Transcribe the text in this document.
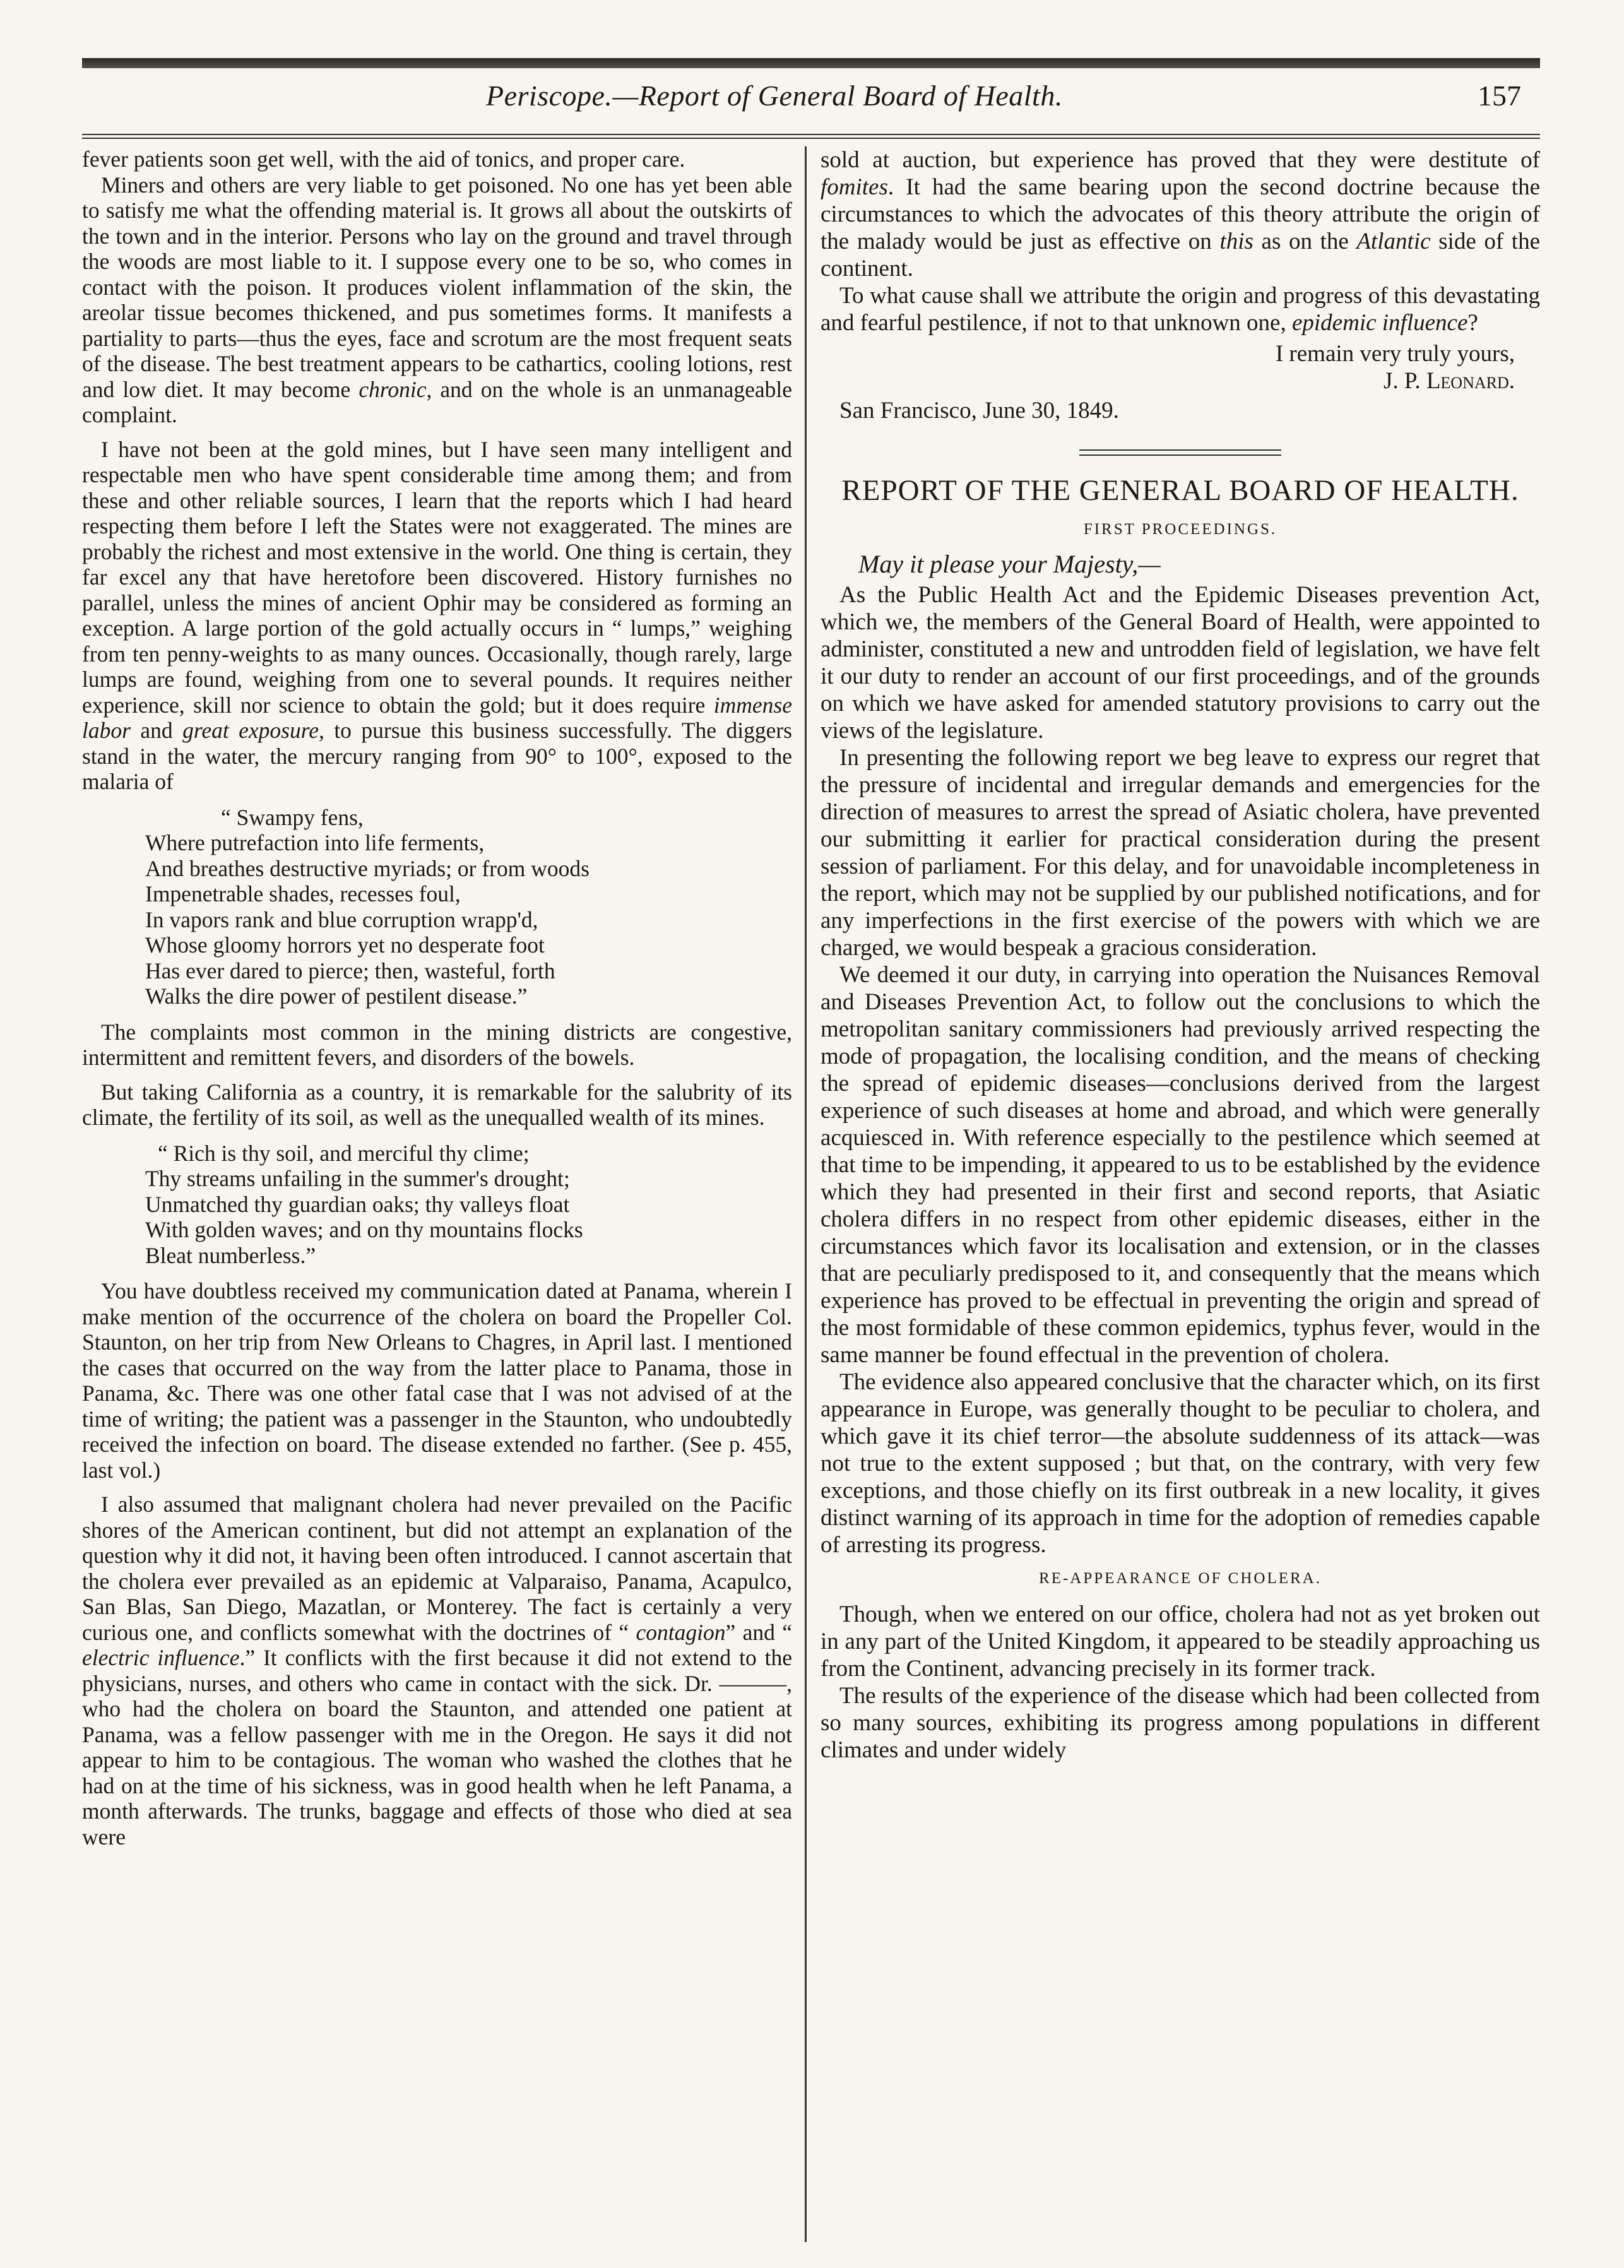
Periscope.—Report of General Board of Health.	157

fever patients soon get well, with the aid of tonics, and proper care.

Miners and others are very liable to get poisoned. No one has yet been able to satisfy me what the offending material is. It grows all about the outskirts of the town and in the interior. Persons who lay on the ground and travel through the woods are most liable to it. I suppose every one to be so, who comes in contact with the poison. It produces violent inflammation of the skin, the areolar tissue becomes thickened, and pus sometimes forms. It manifests a partiality to parts—thus the eyes, face and scrotum are the most frequent seats of the disease. The best treatment appears to be cathartics, cooling lotions, rest and low diet. It may become chronic, and on the whole is an unmanageable complaint.

I have not been at the gold mines, but I have seen many intelligent and respectable men who have spent considerable time among them; and from these and other reliable sources, I learn that the reports which I had heard respecting them before I left the States were not exaggerated. The mines are probably the richest and most extensive in the world. One thing is certain, they far excel any that have heretofore been discovered. History furnishes no parallel, unless the mines of ancient Ophir may be considered as forming an exception. A large portion of the gold actually occurs in “ lumps,” weighing from ten penny-weights to as many ounces. Occasionally, though rarely, large lumps are found, weighing from one to several pounds. It requires neither experience, skill nor science to obtain the gold; but it does require immense labor and great exposure, to pursue this business successfully. The diggers stand in the water, the mercury ranging from 90° to 100°, exposed to the malaria of

“ Swampy fens,
Where putrefaction into life ferments,
And breathes destructive myriads; or from woods
Impenetrable shades, recesses foul,
In vapors rank and blue corruption wrapp'd,
Whose gloomy horrors yet no desperate foot
Has ever dared to pierce; then, wasteful, forth
Walks the dire power of pestilent disease.”

The complaints most common in the mining districts are congestive, intermittent and remittent fevers, and disorders of the bowels.

But taking California as a country, it is remarkable for the salubrity of its climate, the fertility of its soil, as well as the unequalled wealth of its mines.

“ Rich is thy soil, and merciful thy clime;
Thy streams unfailing in the summer's drought;
Unmatched thy guardian oaks; thy valleys float
With golden waves; and on thy mountains flocks
Bleat numberless.”

You have doubtless received my communication dated at Panama, wherein I make mention of the occurrence of the cholera on board the Propeller Col. Staunton, on her trip from New Orleans to Chagres, in April last. I mentioned the cases that occurred on the way from the latter place to Panama, those in Panama, &c. There was one other fatal case that I was not advised of at the time of writing; the patient was a passenger in the Staunton, who undoubtedly received the infection on board. The disease extended no farther. (See p. 455, last vol.)

I also assumed that malignant cholera had never prevailed on the Pacific shores of the American continent, but did not attempt an explanation of the question why it did not, it having been often introduced. I cannot ascertain that the cholera ever prevailed as an epidemic at Valparaiso, Panama, Acapulco, San Blas, San Diego, Mazatlan, or Monterey. The fact is certainly a very curious one, and conflicts somewhat with the doctrines of “ contagion” and “ electric influence.” It conflicts with the first because it did not extend to the physicians, nurses, and others who came in contact with the sick. Dr. ———, who had the cholera on board the Staunton, and attended one patient at Panama, was a fellow passenger with me in the Oregon. He says it did not appear to him to be contagious. The woman who washed the clothes that he had on at the time of his sickness, was in good health when he left Panama, a month afterwards. The trunks, baggage and effects of those who died at sea were

sold at auction, but experience has proved that they were destitute of fomites. It had the same bearing upon the second doctrine because the circumstances to which the advocates of this theory attribute the origin of the malady would be just as effective on this as on the Atlantic side of the continent.

To what cause shall we attribute the origin and progress of this devastating and fearful pestilence, if not to that unknown one, epidemic influence?

I remain very truly yours,
J. P. Leonard.

San Francisco, June 30, 1849.

REPORT OF THE GENERAL BOARD OF HEALTH.
FIRST PROCEEDINGS.

May it please your Majesty,—

As the Public Health Act and the Epidemic Diseases prevention Act, which we, the members of the General Board of Health, were appointed to administer, constituted a new and untrodden field of legislation, we have felt it our duty to render an account of our first proceedings, and of the grounds on which we have asked for amended statutory provisions to carry out the views of the legislature.

In presenting the following report we beg leave to express our regret that the pressure of incidental and irregular demands and emergencies for the direction of measures to arrest the spread of Asiatic cholera, have prevented our submitting it earlier for practical consideration during the present session of parliament. For this delay, and for unavoidable incompleteness in the report, which may not be supplied by our published notifications, and for any imperfections in the first exercise of the powers with which we are charged, we would bespeak a gracious consideration.

We deemed it our duty, in carrying into operation the Nuisances Removal and Diseases Prevention Act, to follow out the conclusions to which the metropolitan sanitary commissioners had previously arrived respecting the mode of propagation, the localising condition, and the means of checking the spread of epidemic diseases—conclusions derived from the largest experience of such diseases at home and abroad, and which were generally acquiesced in. With reference especially to the pestilence which seemed at that time to be impending, it appeared to us to be established by the evidence which they had presented in their first and second reports, that Asiatic cholera differs in no respect from other epidemic diseases, either in the circumstances which favor its localisation and extension, or in the classes that are peculiarly predisposed to it, and consequently that the means which experience has proved to be effectual in preventing the origin and spread of the most formidable of these common epidemics, typhus fever, would in the same manner be found effectual in the prevention of cholera.

The evidence also appeared conclusive that the character which, on its first appearance in Europe, was generally thought to be peculiar to cholera, and which gave it its chief terror—the absolute suddenness of its attack—was not true to the extent supposed ; but that, on the contrary, with very few exceptions, and those chiefly on its first outbreak in a new locality, it gives distinct warning of its approach in time for the adoption of remedies capable of arresting its progress.

RE-APPEARANCE OF CHOLERA.

Though, when we entered on our office, cholera had not as yet broken out in any part of the United Kingdom, it appeared to be steadily approaching us from the Continent, advancing precisely in its former track.

The results of the experience of the disease which had been collected from so many sources, exhibiting its progress among populations in different climates and under widely
